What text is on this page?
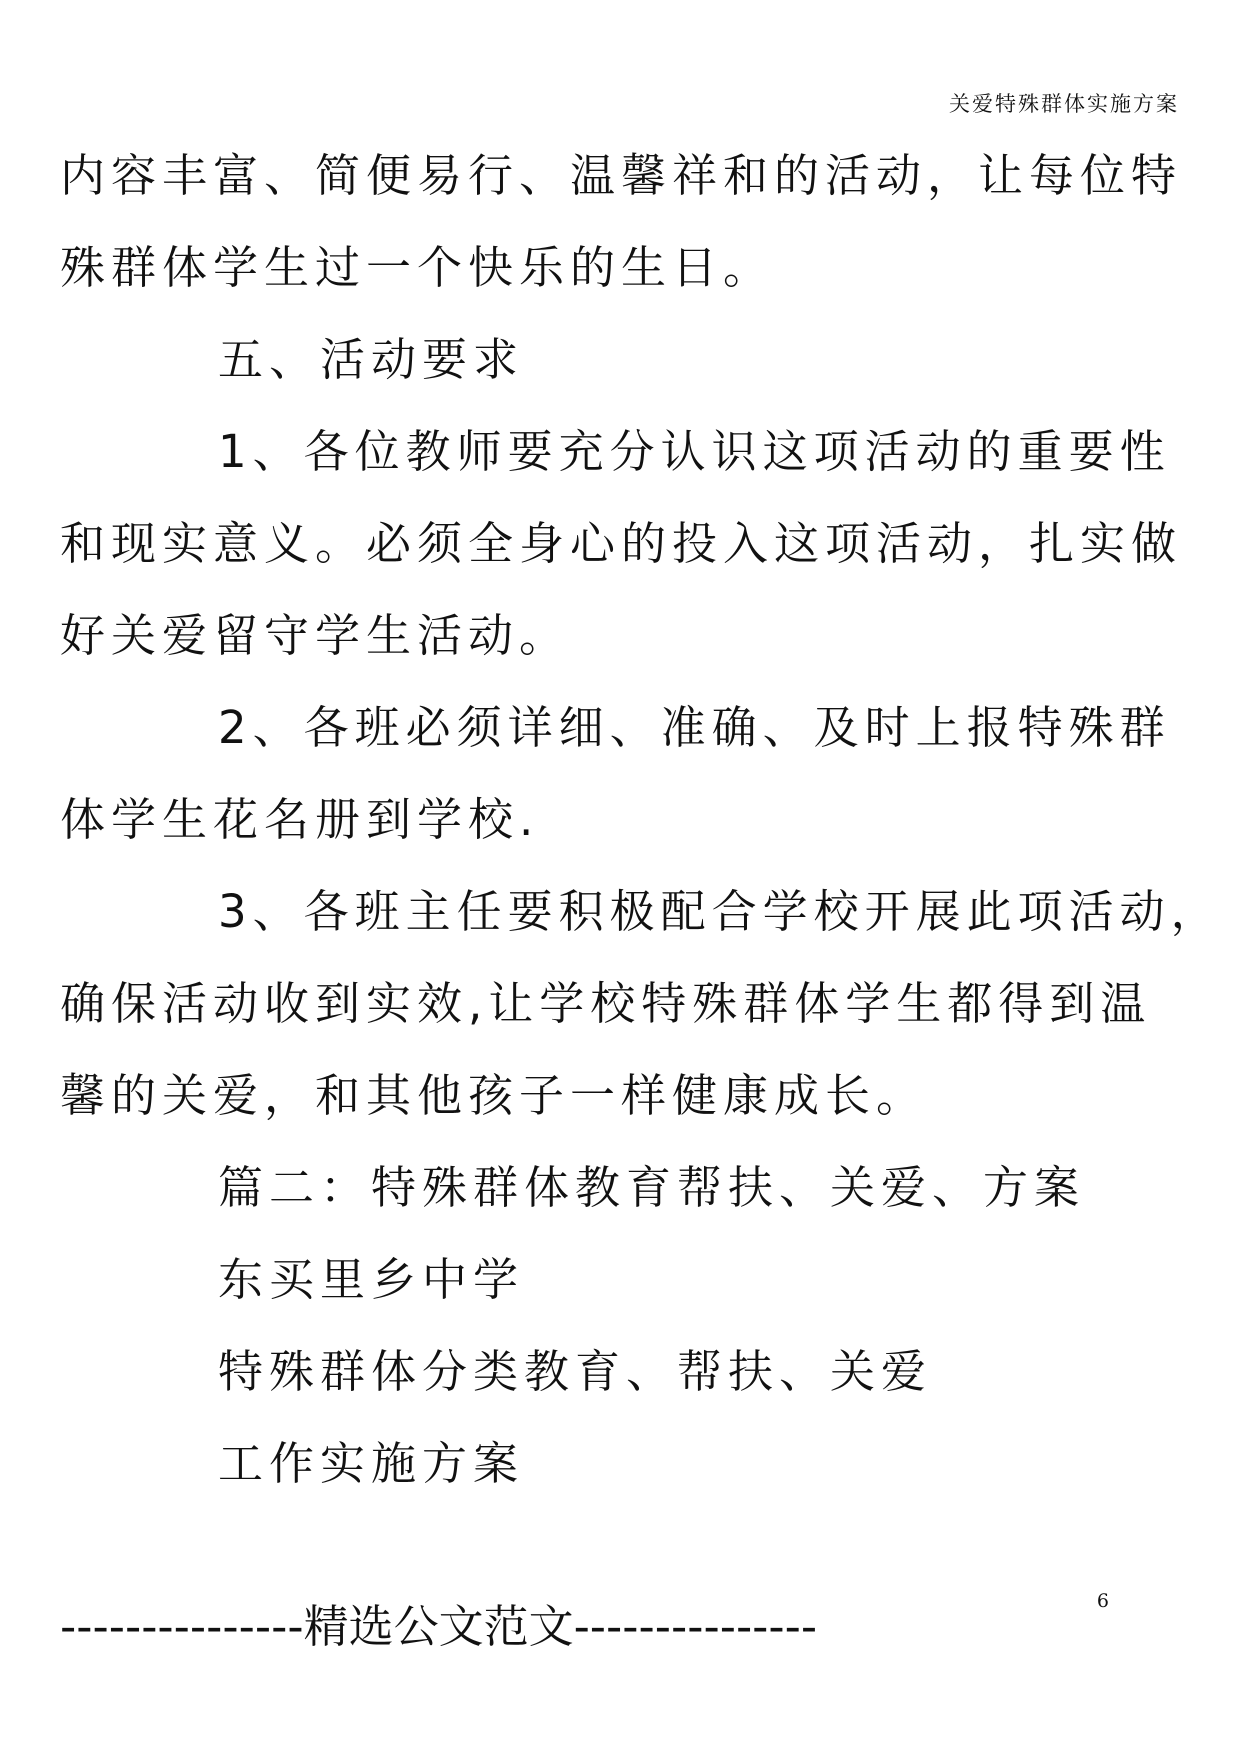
关爱特殊群体实施方案
内容丰富、简便易行、温馨祥和的活动，让每位特
殊群体学生过一个快乐的生日。
五、活动要求
1、各位教师要充分认识这项活动的重要性
和现实意义。必须全身心的投入这项活动，扎实做
好关爱留守学生活动。
2、各班必须详细、准确、及时上报特殊群
体学生花名册到学校.
3、各班主任要积极配合学校开展此项活动，
确保活动收到实效,让学校特殊群体学生都得到温
馨的关爱，和其他孩子一样健康成长。
篇二：特殊群体教育帮扶、关爱、方案
东买里乡中学
特殊群体分类教育、帮扶、关爱
工作实施方案
6
---------------精选公文范文---------------
